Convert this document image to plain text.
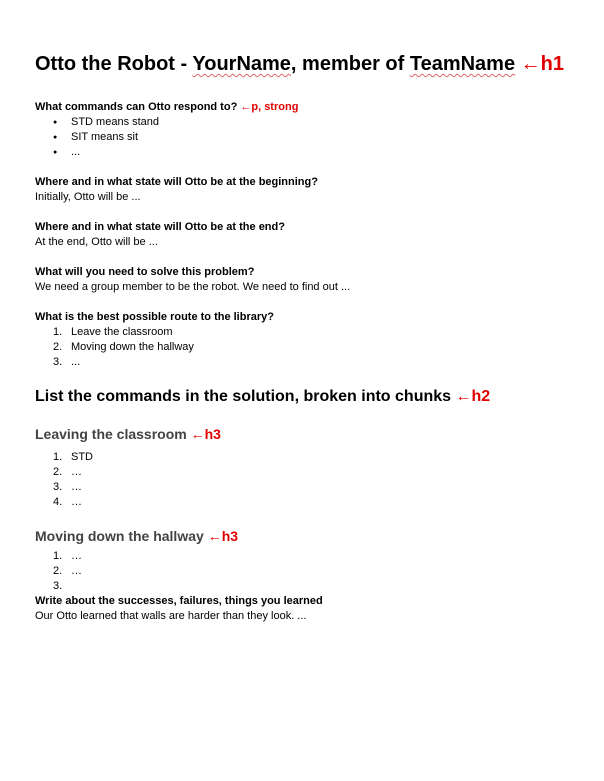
Otto the Robot - YourName, member of TeamName ←h1
What commands can Otto respond to? ←p, strong
● STD means stand
● SIT means sit
● ...
Where and in what state will Otto be at the beginning?
Initially, Otto will be ...
Where and in what state will Otto be at the end?
At the end, Otto will be ...
What will you need to solve this problem?
We need a group member to be the robot. We need to find out ...
What is the best possible route to the library?
1. Leave the classroom
2. Moving down the hallway
3. ...
List the commands in the solution, broken into chunks ←h2
Leaving the classroom ←h3
1. STD
2. …
3. …
4. …
Moving down the hallway ←h3
1. …
2. …
3.
Write about the successes, failures, things you learned
Our Otto learned that walls are harder than they look. ...
